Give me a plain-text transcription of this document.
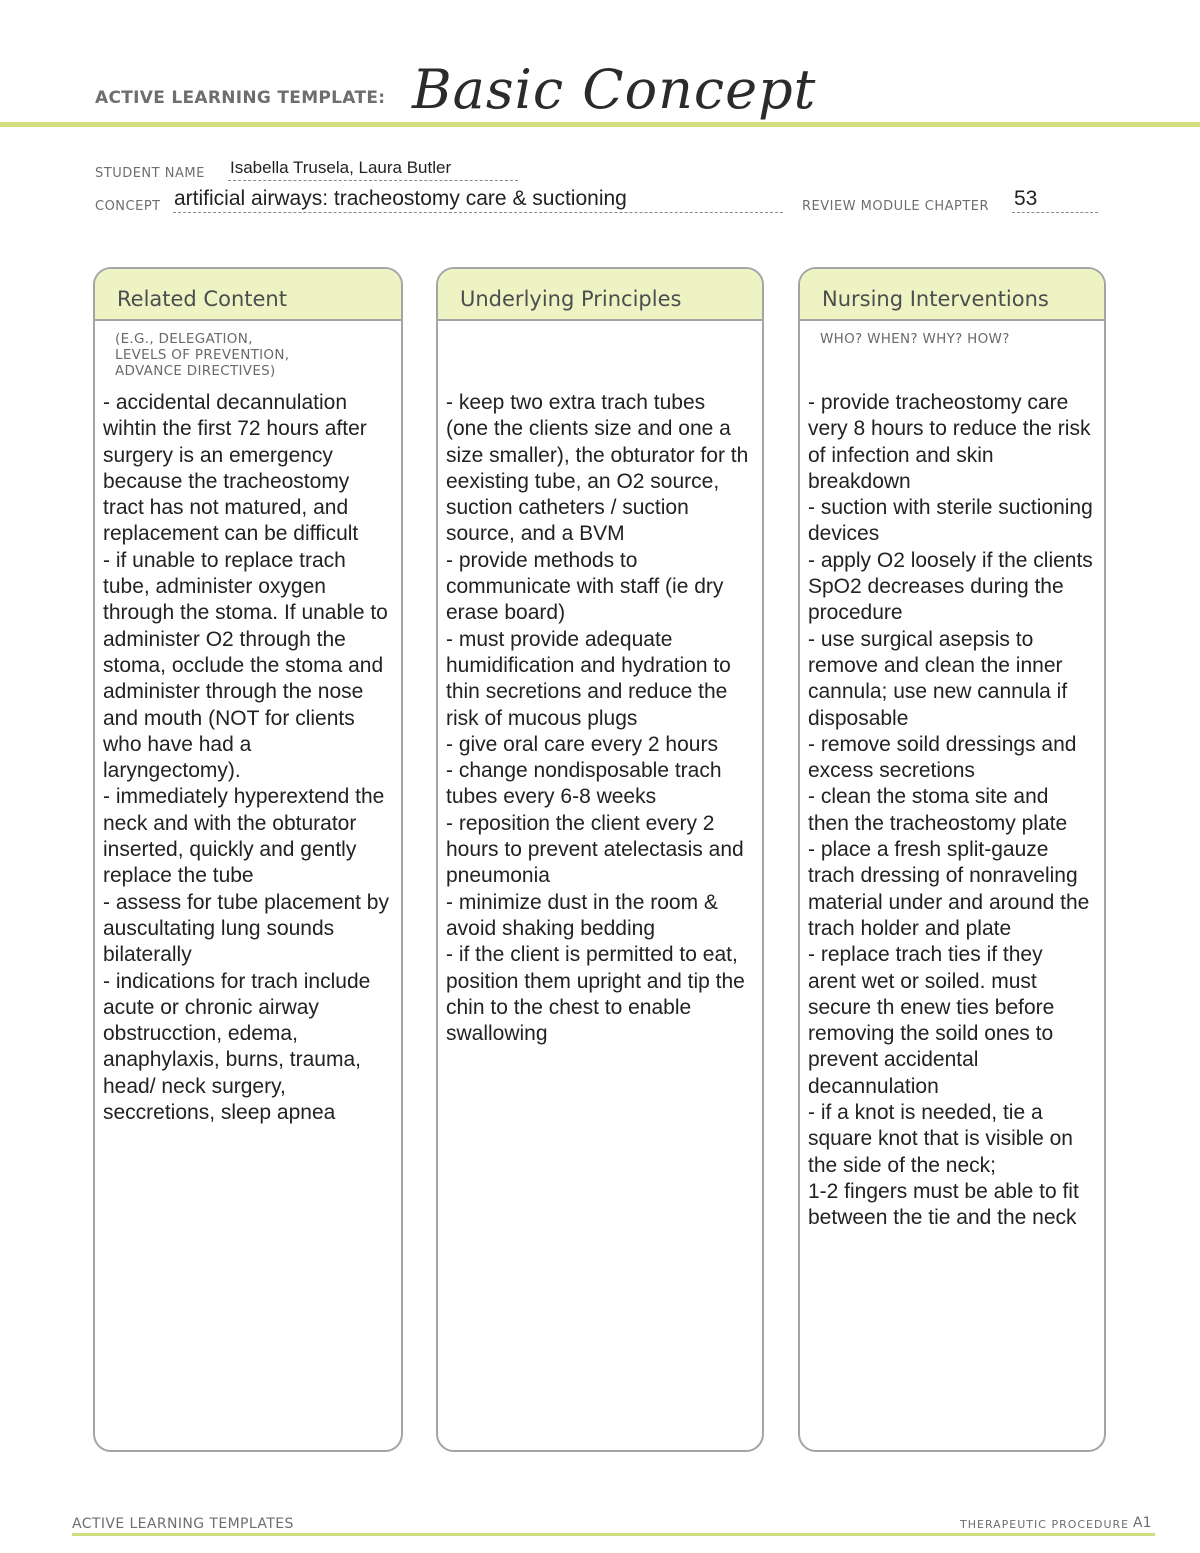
ACTIVE LEARNING TEMPLATE: Basic Concept
STUDENT NAME Isabella Trusela, Laura Butler
CONCEPT artificial airways: tracheostomy care & suctioning	REVIEW MODULE CHAPTER 53
Related Content
(E.G., DELEGATION,
LEVELS OF PREVENTION,
ADVANCE DIRECTIVES)
- accidental decannulation wihtin the first 72 hours after surgery is an emergency because the tracheostomy tract has not matured, and replacement can be difficult
- if unable to replace trach tube, administer oxygen through the stoma. If unable to administer O2 through the stoma, occlude the stoma and administer through the nose and mouth (NOT for clients who have had a laryngectomy).
- immediately hyperextend the neck and with the obturator inserted, quickly and gently replace the tube
- assess for tube placement by auscultating lung sounds bilaterally
- indications for trach include acute or chronic airway obstrucction, edema, anaphylaxis, burns, trauma, head/ neck surgery, seccretions, sleep apnea
Underlying Principles
- keep two extra trach tubes (one the clients size and one a size smaller), the obturator for th eexisting tube, an O2 source, suction catheters / suction source, and a BVM
- provide methods to communicate with staff (ie dry erase board)
- must provide adequate humidification and hydration to thin secretions and reduce the risk of mucous plugs
- give oral care every 2 hours
- change nondisposable trach tubes every 6-8 weeks
- reposition the client every 2 hours to prevent atelectasis and pneumonia
- minimize dust in the room & avoid shaking bedding
- if the client is permitted to eat, position them upright and tip the chin to the chest to enable swallowing
Nursing Interventions
WHO? WHEN? WHY? HOW?
- provide tracheostomy care very 8 hours to reduce the risk of infection and skin breakdown
- suction with sterile suctioning devices
- apply O2 loosely if the clients SpO2 decreases during the procedure
- use surgical asepsis to remove and clean the inner cannula; use new cannula if disposable
- remove soild dressings and excess secretions
- clean the stoma site and then the tracheostomy plate
- place a fresh split-gauze trach dressing of nonraveling material under and around the trach holder and plate
- replace trach ties if they arent wet or soiled. must secure th enew ties before removing the soild ones to prevent accidental decannulation
- if a knot is needed, tie a square knot that is visible on the side of the neck;
1-2 fingers must be able to fit between the tie and the neck
ACTIVE LEARNING TEMPLATES	THERAPEUTIC PROCEDURE A1
